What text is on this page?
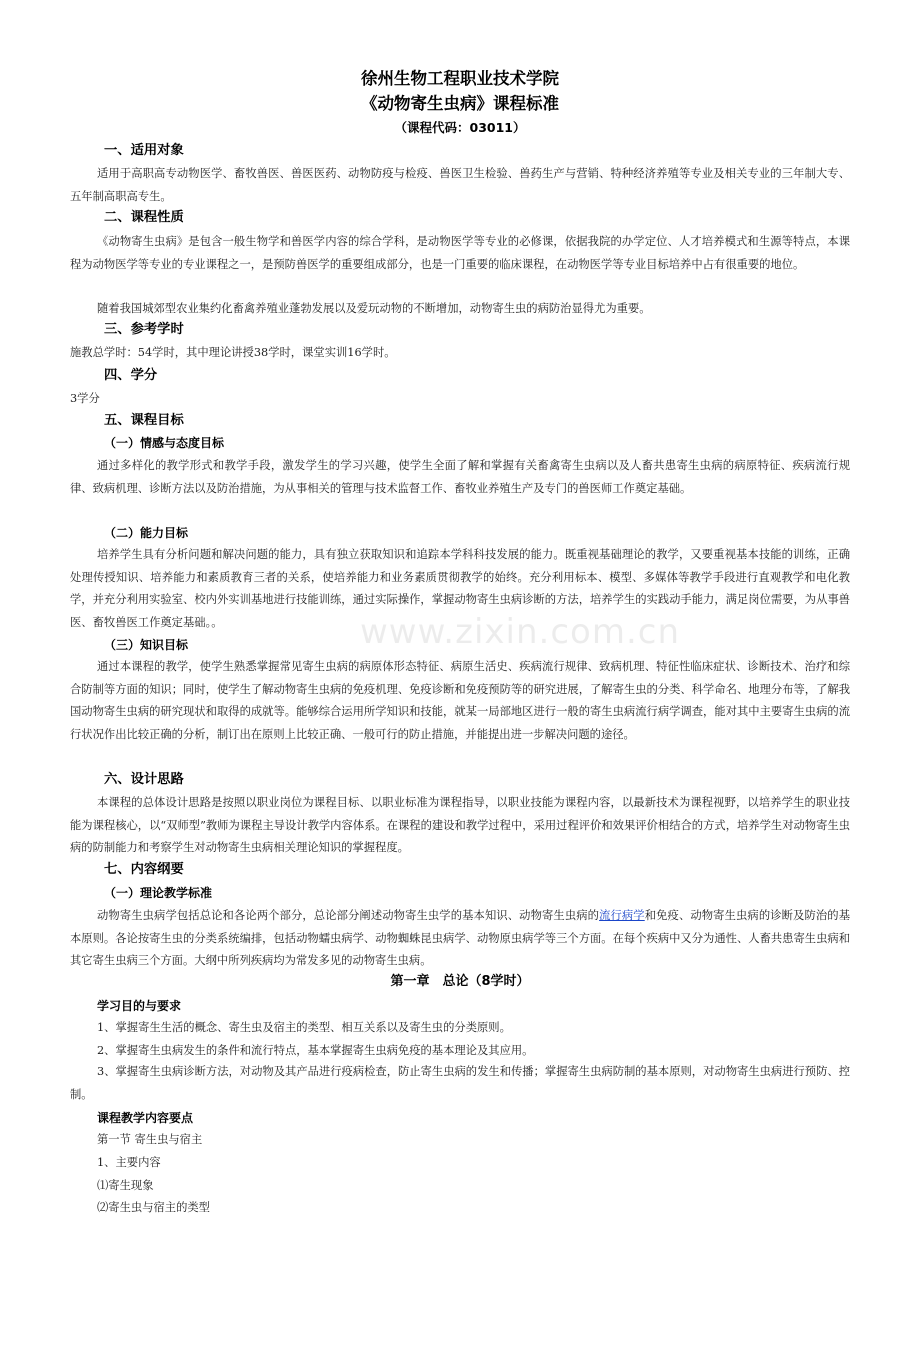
www.zixin.com.cn
徐州生物工程职业技术学院
《动物寄生虫病》课程标准
（课程代码：03011）
一、适用对象
适用于高职高专动物医学、畜牧兽医、兽医医药、动物防疫与检疫、兽医卫生检验、兽药生产与营销、特种经济养殖等专业及相关专业的三年制大专、五年制高职高专生。
二、课程性质
《动物寄生虫病》是包含一般生物学和兽医学内容的综合学科，是动物医学等专业的必修课，依据我院的办学定位、人才培养模式和生源等特点，本课程为动物医学等专业的专业课程之一，是预防兽医学的重要组成部分，也是一门重要的临床课程，在动物医学等专业目标培养中占有很重要的地位。
随着我国城郊型农业集约化畜禽养殖业蓬勃发展以及爱玩动物的不断增加，动物寄生虫的病防治显得尤为重要。
三、参考学时
施教总学时：54学时，其中理论讲授38学时，课堂实训16学时。
四、学分
3学分
五、课程目标
（一）情感与态度目标
通过多样化的教学形式和教学手段，激发学生的学习兴趣，使学生全面了解和掌握有关畜禽寄生虫病以及人畜共患寄生虫病的病原特征、疾病流行规律、致病机理、诊断方法以及防治措施，为从事相关的管理与技术监督工作、畜牧业养殖生产及专门的兽医师工作奠定基础。
（二）能力目标
培养学生具有分析问题和解决问题的能力，具有独立获取知识和追踪本学科科技发展的能力。既重视基础理论的教学，又要重视基本技能的训练，正确处理传授知识、培养能力和素质教育三者的关系，使培养能力和业务素质贯彻教学的始终。充分利用标本、模型、多媒体等教学手段进行直观教学和电化教学，并充分利用实验室、校内外实训基地进行技能训练，通过实际操作，掌握动物寄生虫病诊断的方法，培养学生的实践动手能力，满足岗位需要，为从事兽医、畜牧兽医工作奠定基础。。
（三）知识目标
通过本课程的教学，使学生熟悉掌握常见寄生虫病的病原体形态特征、病原生活史、疾病流行规律、致病机理、特征性临床症状、诊断技术、治疗和综合防制等方面的知识；同时，使学生了解动物寄生虫病的免疫机理、免疫诊断和免疫预防等的研究进展，了解寄生虫的分类、科学命名、地理分布等，了解我国动物寄生虫病的研究现状和取得的成就等。能够综合运用所学知识和技能，就某一局部地区进行一般的寄生虫病流行病学调查，能对其中主要寄生虫病的流行状况作出比较正确的分析，制订出在原则上比较正确、一般可行的防止措施，并能提出进一步解决问题的途径。
六、设计思路
本课程的总体设计思路是按照以职业岗位为课程目标、以职业标准为课程指导，以职业技能为课程内容，以最新技术为课程视野，以培养学生的职业技能为课程核心，以“双师型”教师为课程主导设计教学内容体系。在课程的建设和教学过程中，采用过程评价和效果评价相结合的方式，培养学生对动物寄生虫病的防制能力和考察学生对动物寄生虫病相关理论知识的掌握程度。
七、内容纲要
（一）理论教学标准
动物寄生虫病学包括总论和各论两个部分，总论部分阐述动物寄生虫学的基本知识、动物寄生虫病的流行病学和免疫、动物寄生虫病的诊断及防治的基本原则。各论按寄生虫的分类系统编排，包括动物蠕虫病学、动物蜘蛛昆虫病学、动物原虫病学等三个方面。在每个疾病中又分为通性、人畜共患寄生虫病和其它寄生虫病三个方面。大纲中所列疾病均为常发多见的动物寄生虫病。
第一章　总论（8学时）
学习目的与要求
1、掌握寄生生活的概念、寄生虫及宿主的类型、相互关系以及寄生虫的分类原则。
2、掌握寄生虫病发生的条件和流行特点，基本掌握寄生虫病免疫的基本理论及其应用。
3、掌握寄生虫病诊断方法，对动物及其产品进行疫病检查，防止寄生虫病的发生和传播；掌握寄生虫病防制的基本原则，对动物寄生虫病进行预防、控制。
课程教学内容要点
第一节 寄生虫与宿主
1、主要内容
⑴寄生现象
⑵寄生虫与宿主的类型
